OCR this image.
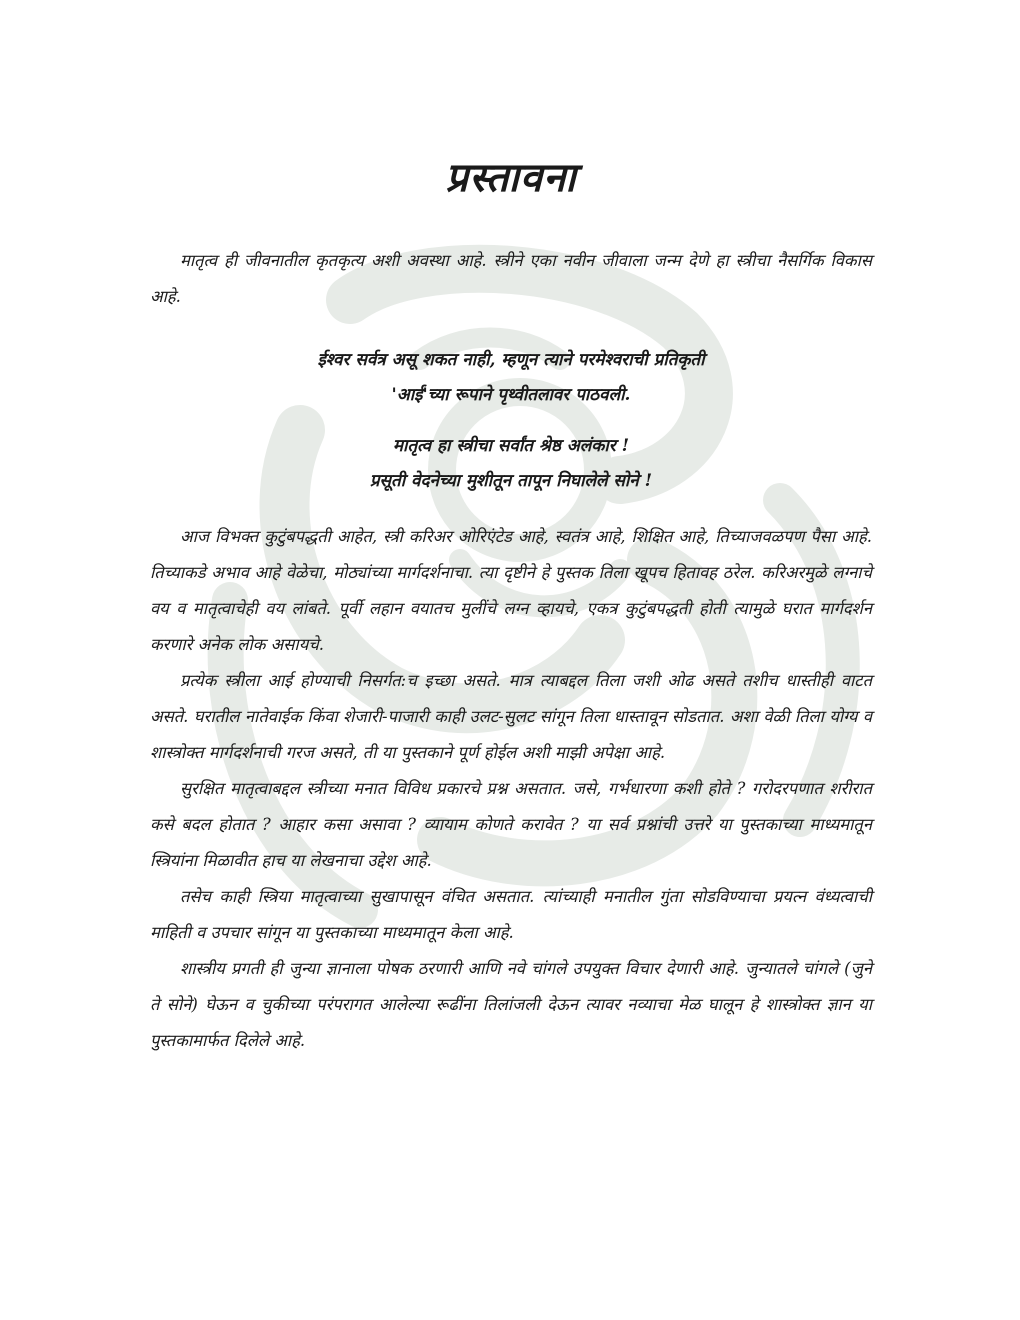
प्रस्तावना

मातृत्व ही जीवनातील कृतकृत्य अशी अवस्था आहे. स्त्रीने एका नवीन जीवाला जन्म देणे हा स्त्रीचा नैसर्गिक विकास आहे.

ईश्वर सर्वत्र असू शकत नाही, म्हणून त्याने परमेश्वराची प्रतिकृती

'आई'च्या रूपाने पृथ्वीतलावर पाठवली.

मातृत्व हा स्त्रीचा सर्वांत श्रेष्ठ अलंकार !

प्रसूती वेदनेच्या मुशीतून तापून निघालेले सोने !

आज विभक्त कुटुंबपद्धती आहेत, स्त्री करिअर ओरिएंटेड आहे, स्वतंत्र आहे, शिक्षित आहे, तिच्याजवळपण पैसा आहे. तिच्याकडे अभाव आहे वेळेचा, मोठ्यांच्या मार्गदर्शनाचा. त्या दृष्टीने हे पुस्तक तिला खूपच हितावह ठरेल. करिअरमुळे लग्नाचे वय व मातृत्वाचेही वय लांबते. पूर्वी लहान वयातच मुलींचे लग्न व्हायचे, एकत्र कुटुंबपद्धती होती त्यामुळे घरात मार्गदर्शन करणारे अनेक लोक असायचे.

प्रत्येक स्त्रीला आई होण्याची निसर्गत:च इच्छा असते. मात्र त्याबद्दल तिला जशी ओढ असते तशीच धास्तीही वाटत असते. घरातील नातेवाईक किंवा शेजारी-पाजारी काही उलट-सुलट सांगून तिला धास्तावून सोडतात. अशा वेळी तिला योग्य व शास्त्रोक्त मार्गदर्शनाची गरज असते, ती या पुस्तकाने पूर्ण होईल अशी माझी अपेक्षा आहे.

सुरक्षित मातृत्वाबद्दल स्त्रीच्या मनात विविध प्रकारचे प्रश्न असतात. जसे, गर्भधारणा कशी होते ? गरोदरपणात शरीरात कसे बदल होतात ? आहार कसा असावा ? व्यायाम कोणते करावेत ? या सर्व प्रश्नांची उत्तरे या पुस्तकाच्या माध्यमातून स्त्रियांना मिळावीत हाच या लेखनाचा उद्देश आहे.

तसेच काही स्त्रिया मातृत्वाच्या सुखापासून वंचित असतात. त्यांच्याही मनातील गुंता सोडविण्याचा प्रयत्न वंध्यत्वाची माहिती व उपचार सांगून या पुस्तकाच्या माध्यमातून केला आहे.

शास्त्रीय प्रगती ही जुन्या ज्ञानाला पोषक ठरणारी आणि नवे चांगले उपयुक्त विचार देणारी आहे. जुन्यातले चांगले (जुने ते सोने) घेऊन व चुकीच्या परंपरागत आलेल्या रूढींना तिलांजली देऊन त्यावर नव्याचा मेळ घालून हे शास्त्रोक्त ज्ञान या पुस्तकामार्फत दिलेले आहे.
